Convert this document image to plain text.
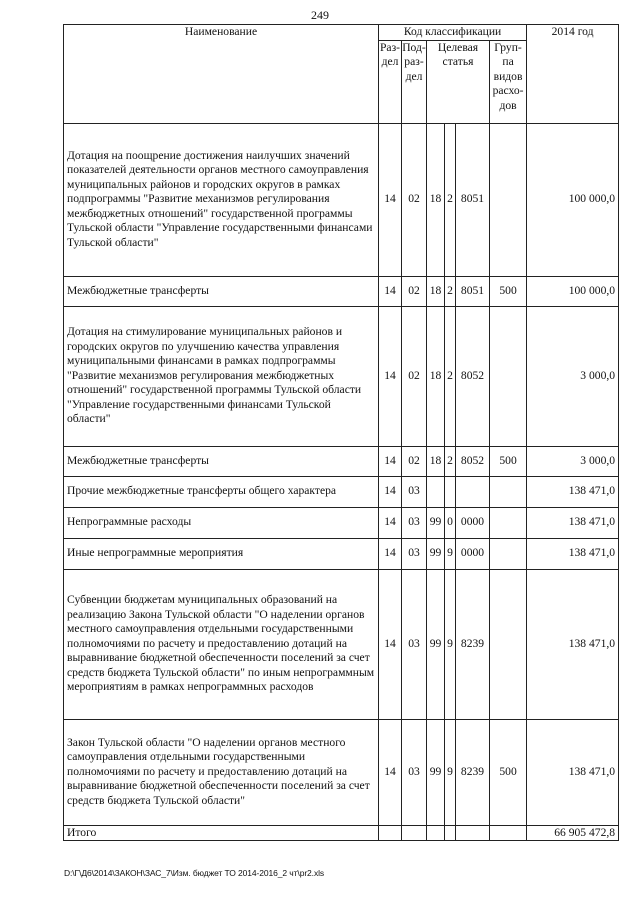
249
Наименование	Код классификации						2014 год
	Раз-дел	Под-раз-дел	Целевая статья			Груп-па видов расхо-дов	
Дотация на поощрение достижения наилучших значений показателей деятельности органов местного самоуправления муниципальных районов и городских округов в рамках подпрограммы "Развитие механизмов регулирования межбюджетных отношений" государственной программы Тульской области "Управление государственными финансами Тульской области"	14	02	18	2	8051		100 000,0
Межбюджетные трансферты	14	02	18	2	8051	500	100 000,0
Дотация на стимулирование муниципальных районов и городских округов по улучшению качества управления муниципальными финансами в рамках подпрограммы "Развитие механизмов регулирования межбюджетных отношений" государственной программы Тульской области "Управление государственными финансами Тульской области"	14	02	18	2	8052		3 000,0
Межбюджетные трансферты	14	02	18	2	8052	500	3 000,0
Прочие межбюджетные трансферты общего характера	14	03					138 471,0
Непрограммные расходы	14	03	99	0	0000		138 471,0
Иные непрограммные мероприятия	14	03	99	9	0000		138 471,0
Субвенции бюджетам муниципальных образований на реализацию Закона Тульской области "О наделении органов местного самоуправления отдельными государственными полномочиями по расчету и предоставлению дотаций на выравнивание бюджетной обеспеченности поселений за счет средств бюджета Тульской области" по иным непрограммным мероприятиям в рамках непрограммных расходов	14	03	99	9	8239		138 471,0
Закон Тульской области "О наделении органов местного самоуправления отдельными государственными полномочиями по расчету и предоставлению дотаций на выравнивание бюджетной обеспеченности поселений за счет средств бюджета Тульской области"	14	03	99	9	8239	500	138 471,0
Итого							66 905 472,8
D:\Г\Д6\2014\ЗАКОН\ЗАС_7\Изм. бюджет ТО 2014-2016_2 чт\pr2.xls
